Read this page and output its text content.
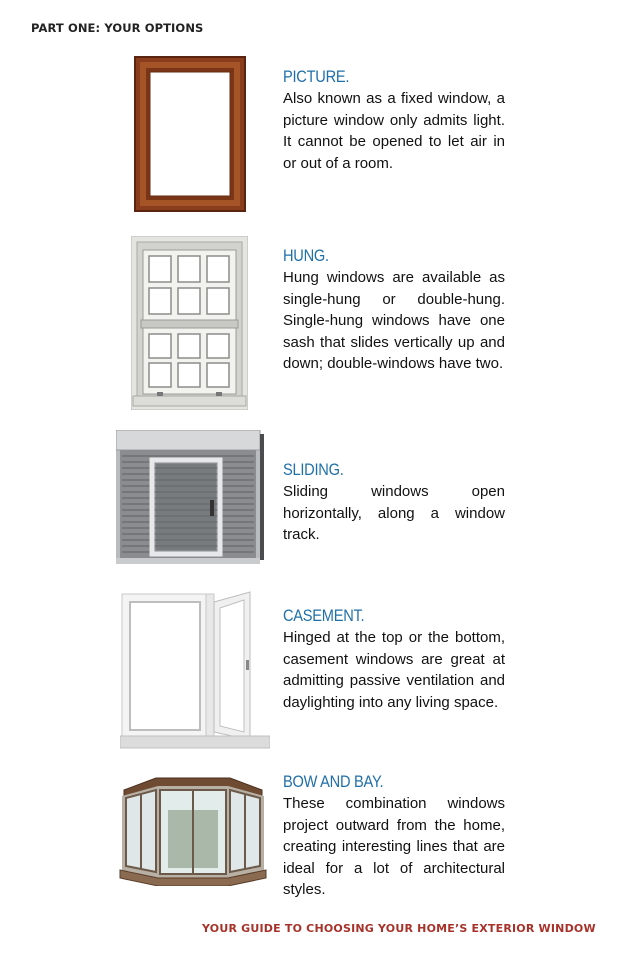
PART ONE: YOUR OPTIONS
PICTURE.
Also known as a fixed window, a picture window only admits light. It cannot be opened to let air in or out of a room.
HUNG.
Hung windows are available as single-hung or double-hung. Single-hung windows have one sash that slides vertically up and down; double-windows have two.
SLIDING.
Sliding windows open horizontally, along a window track.
CASEMENT.
Hinged at the top or the bottom, casement windows are great at admitting passive ventilation and daylighting into any living space.
BOW AND BAY.
These combination windows project outward from the home, creating interesting lines that are ideal for a lot of architectural styles.
YOUR GUIDE TO CHOOSING YOUR HOME’S EXTERIOR WINDOW
